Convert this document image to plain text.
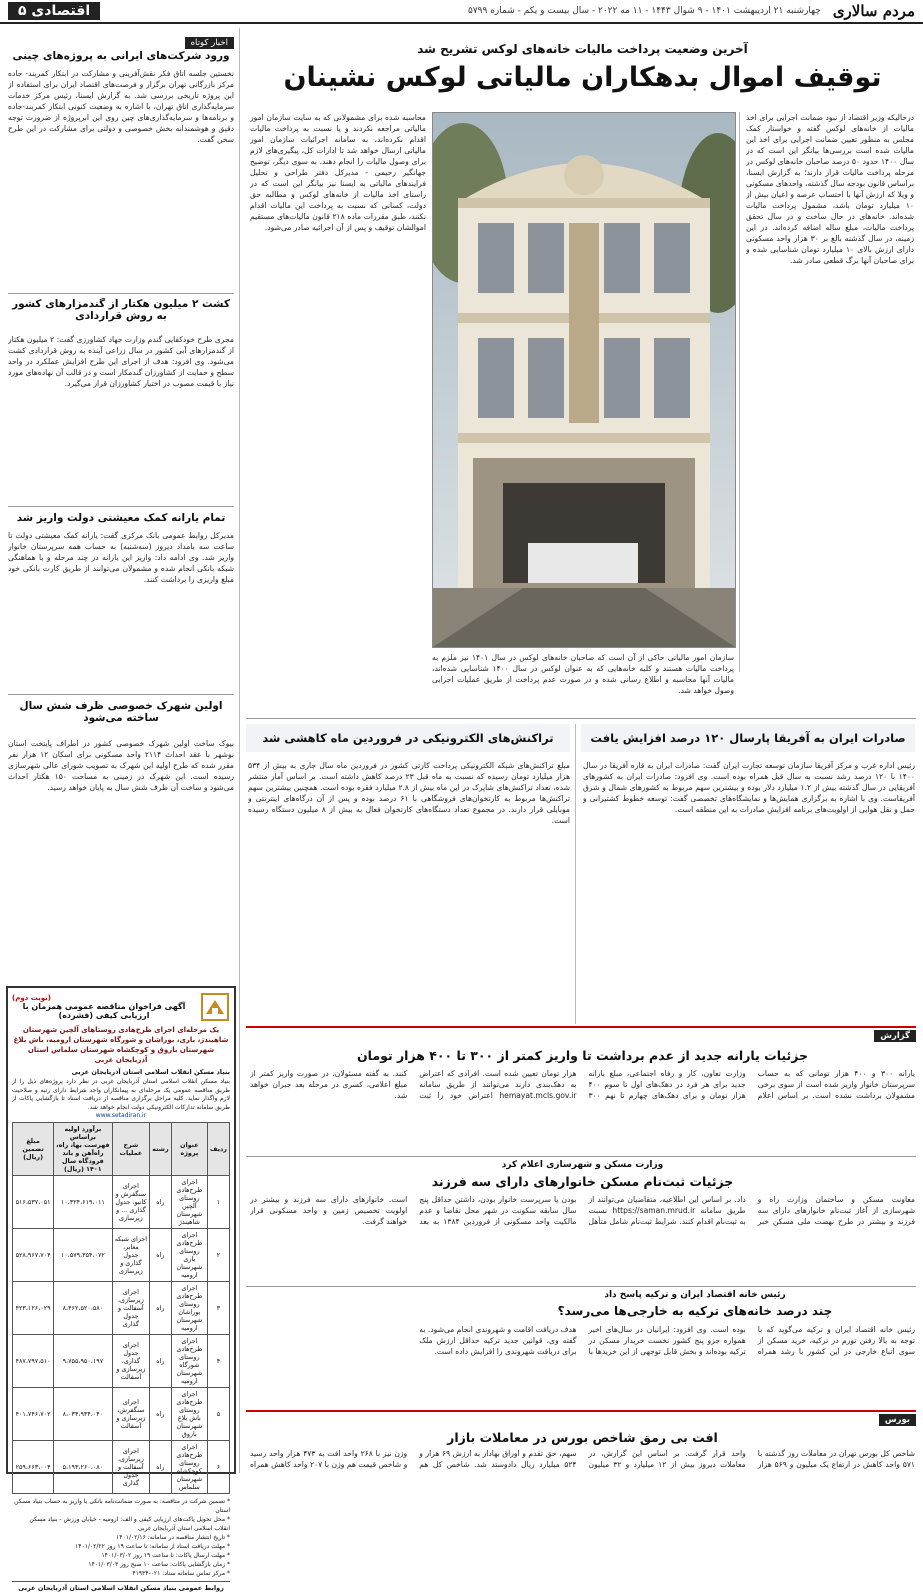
مردم سالاری
چهارشنبه ۲۱ اردیبهشت ۱۴۰۱ - ۹ شوال ۱۴۴۳ - ۱۱ مه ۲۰۲۲ - سال بیست و یکم - شماره ۵۷۹۹
اقتصادی ۵
آخرین وضعیت پرداخت مالیات خانه‌های لوکس تشریح شد
توقیف اموال بدهکاران مالیاتی لوکس نشینان
درحالیکه وزیر اقتصاد از نبود ضمانت اجرایی برای اخذ مالیات از خانه‌های لوکس گفته و خواستار کمک مجلس به منظور تعیین ضمانت اجرایی برای اخذ این مالیات شده است بررسی‌ها بیانگر این است که در سال ۱۴۰۰ حدود ۵۰ درصد صاحبان خانه‌های لوکس در مرحله پرداخت مالیات قرار دارند؛ به گزارش ایسنا، براساس قانون بودجه سال گذشته، واحدهای مسکونی و ویلا که ارزش آنها با احتساب عرصه و اعیان بیش از ۱۰ میلیارد تومان باشد، مشمول پرداخت مالیات شده‌اند. خانه‌های در حال ساخت و در سال تحقق پرداخت مالیات، مبلغ ساله اضافه کرده‌اند. در این زمینه، در سال گذشته بالغ بر ۳۰ هزار واحد مسکونی دارای ارزش بالای ۱۰ میلیارد تومان شناسایی شده و برای صاحبان آنها برگ قطعی صادر شد.
محاسبه شده برای مشمولانی که به سایت سازمان امور مالیاتی مراجعه نکردند و یا نسبت به پرداخت مالیات اقدام نکرده‌اند، به سامانه اجرائیات سازمان امور مالیاتی ارسال خواهد شد تا ادارات کل، پیگیری‌های لازم برای وصول مالیات را انجام دهند. به سوی دیگر، توضیح جهانگیر رحیمی - مدیرکل دفتر طراحی و تحلیل فرایندهای مالیاتی به ایسنا نیز بیانگر این است که در راستای اخذ مالیات از خانه‌های لوکس و مطالبه حق دولت، کسانی که نسبت به پرداخت این مالیات اقدام نکنند، طبق مقررات ماده ۲۱۸ قانون مالیات‌های مستقیم اموالشان توقیف و پس از آن اجرائیه صادر می‌شود.
سازمان امور مالیاتی حاکی از آن است که صاحبان خانه‌های لوکس در سال ۱۴۰۱ نیز ملزم به پرداخت مالیات هستند و کلیه خانه‌هایی که به عنوان لوکس در سال ۱۴۰۰ شناسایی شده‌اند، مالیات آنها محاسبه و اطلاع رسانی شده و در صورت عدم پرداخت از طریق عملیات اجرایی وصول خواهد شد.
صادرات ایران به آفریقا پارسال ۱۲۰ درصد افزایش یافت
رئیس اداره غرب و مرکز آفریقا سازمان توسعه تجارت ایران گفت: صادرات ایران به قاره آفریقا در سال ۱۴۰۰ با ۱۲۰ درصد رشد نسبت به سال قبل همراه بوده است. وی افزود: صادرات ایران به کشورهای آفریقایی در سال گذشته بیش از ۱.۲ میلیارد دلار بوده و بیشترین سهم مربوط به کشورهای شمال و شرق آفریقاست. وی با اشاره به برگزاری همایش‌ها و نمایشگاه‌های تخصصی گفت: توسعه خطوط کشتیرانی و حمل و نقل هوایی از اولویت‌های برنامه افزایش صادرات به این منطقه است.
تراکنش‌های الکترونیکی در فروردین ماه کاهشی شد
مبلغ تراکنش‌های شبکه الکترونیکی پرداخت کارتی کشور در فروردین ماه سال جاری به بیش از ۵۳۴ هزار میلیارد تومان رسیده که نسبت به ماه قبل ۲۳ درصد کاهش داشته است. بر اساس آمار منتشر شده، تعداد تراکنش‌های شاپرک در این ماه بیش از ۲.۸ میلیارد فقره بوده است. همچنین بیشترین سهم تراکنش‌ها مربوط به کارتخوان‌های فروشگاهی با ۶۱ درصد بوده و پس از آن درگاه‌های اینترنتی و موبایلی قرار دارند. در مجموع تعداد دستگاه‌های کارتخوان فعال به بیش از ۸ میلیون دستگاه رسیده است.
گزارش
جزئیات یارانه جدید از عدم برداشت تا واریز کمتر از ۳۰۰ تا ۴۰۰ هزار تومان
یارانه ۳۰۰ و ۴۰۰ هزار تومانی که به حساب سرپرستان خانوار واریز شده است از سوی برخی مشمولان برداشت نشده است. بر اساس اعلام وزارت تعاون، کار و رفاه اجتماعی، مبلغ یارانه جدید برای هر فرد در دهک‌های اول تا سوم ۴۰۰ هزار تومان و برای دهک‌های چهارم تا نهم ۳۰۰ هزار تومان تعیین شده است. افرادی که اعتراض به دهک‌بندی دارند می‌توانند از طریق سامانه hemayat.mcls.gov.ir اعتراض خود را ثبت کنند. به گفته مسئولان، در صورت واریز کمتر از مبلغ اعلامی، کسری در مرحله بعد جبران خواهد شد.
وزارت مسکن و شهرسازی اعلام کرد
جزئیات ثبت‌نام مسکن خانوارهای دارای سه فرزند
معاونت مسکن و ساختمان وزارت راه و شهرسازی از آغاز ثبت‌نام خانوارهای دارای سه فرزند و بیشتر در طرح نهضت ملی مسکن خبر داد. بر اساس این اطلاعیه، متقاضیان می‌توانند از طریق سامانه https://saman.mrud.ir نسبت به ثبت‌نام اقدام کنند. شرایط ثبت‌نام شامل متأهل بودن یا سرپرست خانوار بودن، داشتن حداقل پنج سال سابقه سکونت در شهر محل تقاضا و عدم مالکیت واحد مسکونی از فروردین ۱۳۸۴ به بعد است. خانوارهای دارای سه فرزند و بیشتر در اولویت تخصیص زمین و واحد مسکونی قرار خواهند گرفت.
رئیس خانه اقتصاد ایران و ترکیه پاسخ داد
چند درصد خانه‌های ترکیه به خارجی‌ها می‌رسد؟
رئیس خانه اقتصاد ایران و ترکیه می‌گوید که با توجه به بالا رفتن تورم در ترکیه، خرید مسکن از سوی اتباع خارجی در این کشور با رشد همراه بوده است. وی افزود: ایرانیان در سال‌های اخیر همواره جزو پنج کشور نخست خریدار مسکن در ترکیه بوده‌اند و بخش قابل توجهی از این خریدها با هدف دریافت اقامت و شهروندی انجام می‌شود. به گفته وی، قوانین جدید ترکیه حداقل ارزش ملک برای دریافت شهروندی را افزایش داده است.
بورس
افت بی رمق شاخص بورس در معاملات بازار
شاخص کل بورس تهران در معاملات روز گذشته با ۵۷۱ واحد کاهش در ارتفاع یک میلیون و ۵۶۹ هزار واحد قرار گرفت. بر اساس این گزارش، در معاملات دیروز بیش از ۱۲ میلیارد و ۳۲ میلیون سهم، حق تقدم و اوراق بهادار به ارزش ۶۹ هزار و ۵۲۴ میلیارد ریال دادوستد شد. شاخص کل هم وزن نیز با ۲۶۸ واحد افت به ۴۷۳ هزار واحد رسید و شاخص قیمت هم وزن با ۲۰۷ واحد کاهش همراه
اخبار کوتاه
ورود شرکت‌های ایرانی به پروژه‌های چینی
نخستین جلسه اتاق فکر نقش‌آفرینی و مشارکت در ابتکار کمربند- جاده مرکز بازرگانی تهران برگزار و فرصت‌های اقتصاد ایران برای استفاده از این پروژه تاریخی بررسی شد. به گزارش ایسنا، رئیس مرکز خدمات سرمایه‌گذاری اتاق تهران، با اشاره به وضعیت کنونی ابتکار کمربند-جاده و برنامه‌ها و سرمایه‌گذاری‌های چین روی این ابرپروژه از ضرورت توجه دقیق و هوشمندانه بخش خصوصی و دولتی برای مشارکت در این طرح سخن گفت.
کشت ۲ میلیون هکتار از گندمزارهای کشور به روش قراردادی
مجری طرح خودکفایی گندم وزارت جهاد کشاورزی گفت: ۲ میلیون هکتار از گندمزارهای آبی کشور در سال زراعی آینده به روش قراردادی کشت می‌شود. وی افزود: هدف از اجرای این طرح افزایش عملکرد در واحد سطح و حمایت از کشاورزان گندمکار است و در قالب آن نهاده‌های مورد نیاز با قیمت مصوب در اختیار کشاورزان قرار می‌گیرد.
تمام یارانه کمک معیشتی دولت واریز شد
مدیرکل روابط عمومی بانک مرکزی گفت: یارانه کمک معیشتی دولت تا ساعت سه بامداد دیروز (سه‌شنبه) به حساب همه سرپرستان خانوار واریز شد. وی ادامه داد: واریز این یارانه در چند مرحله و با هماهنگی شبکه بانکی انجام شده و مشمولان می‌توانند از طریق کارت بانکی خود مبلغ واریزی را برداشت کنند.
اولین شهرک خصوصی ظرف شش سال ساخته می‌شود
بیوک ساخت اولین شهرک خصوصی کشور در اطراف پایتخت استان بوشهر با عقد احداث ۲۱۱۴ واحد مسکونی برای اسکان ۱۲ هزار نفر مقرر شده که طرح اولیه این شهرک به تصویب شورای عالی شهرسازی رسیده است. این شهرک در زمینی به مساحت ۱۵۰ هکتار احداث می‌شود و ساخت آن ظرف شش سال به پایان خواهد رسید.
(نوبت دوم)
آگهی فراخوان مناقصه عمومی همزمان با ارزیابی کیفی (فشرده)
یک مرحله‌ای اجرای طرح‌هادی روستاهای آلچین شهرستان شاهیندژ، باری، بوراشان و شورگاه شهرستان ارومیه، باش بلاغ شهرستان باروق و کوچکشاه شهرستان سلماس استان آذربایجان غربی
بنیاد مسکن انقلاب اسلامی استان آذربایجان غربی
بنیاد مسکن انقلاب اسلامی استان آذربایجان غربی در نظر دارد پروژه‌های ذیل را از طریق مناقصه عمومی یک مرحله‌ای به پیمانکاران واجد شرایط دارای رتبه و صلاحیت لازم واگذار نماید. کلیه مراحل برگزاری مناقصه از دریافت اسناد تا بازگشایی پاکات از طریق سامانه تدارکات الکترونیکی دولت انجام خواهد شد.
www.setadiran.ir
ردیف	عنوان پروژه	رشته	شرح عملیات	برآورد اولیه براساس فهرست بها، راه، راه‌آهن و باند فرودگاه سال ۱۴۰۱ (ریال)	مبلغ تضمین (ریال)
۱	اجرای طرح‌هادی روستای آلچین شهرستان شاهیندژ	راه	اجرای سنگفرش و کانیو، جدول گذاری ... و زیرسازی	۱۰،۳۲۴،۶۱۹،۰۱۱	۵۱۶،۵۳۷،۰۵۱
۲	اجرای طرح‌هادی روستای باری شهرستان ارومیه	راه	اجرای شبکه معابر، جدول گذاری و زیرسازی	۱۰،۵۷۹،۳۵۴،۰۷۲	۵۲۸،۹۶۷،۷۰۴
۳	اجرای طرح‌هادی روستای بوراشان شهرستان ارومیه	راه	اجرای زیرسازی، آسفالت و جدول گذاری	۸،۴۶۲،۵۲۰،۵۸۰	۴۲۳،۱۲۶،۰۲۹
۴	اجرای طرح‌هادی روستای شورگاه شهرستان ارومیه	راه	اجرای جدول گذاری، زیرسازی و آسفالت	۹،۷۵۵،۹۵۰،۱۹۷	۴۸۷،۷۹۷،۵۱۰
۵	اجرای طرح‌هادی روستای باش بلاغ شهرستان باروق	راه	اجرای سنگفرش، زیرسازی و آسفالت	۸،۰۳۴،۹۳۴،۰۴۰	۴۰۱،۷۴۶،۷۰۲
۶	اجرای طرح‌هادی روستای کوچکشاه شهرستان سلماس	راه	اجرای زیرسازی، آسفالت و جدول گذاری	۵،۱۹۳،۲۶۰،۰۸۰	۲۵۹،۶۶۳،۰۰۴
* تضمین شرکت در مناقصه: به صورت ضمانت‌نامه بانکی یا واریز به حساب بنیاد مسکن استان
* محل تحویل پاکت‌های ارزیابی کیفی و الف: ارومیه - خیابان ورزش - بنیاد مسکن انقلاب اسلامی استان آذربایجان غربی
* تاریخ انتشار مناقصه در سامانه: ۱۴۰۱/۰۲/۱۶
* مهلت دریافت اسناد از سامانه: تا ساعت ۱۹ روز ۱۴۰۱/۰۲/۲۲
* مهلت ارسال پاکات: تا ساعت ۱۹ روز ۱۴۰۱/۰۳/۰۲
* زمان بازگشایی پاکات: ساعت ۱۰ صبح روز ۱۴۰۱/۰۳/۰۳
* مرکز تماس سامانه ستاد: ۰۲۱-۴۱۹۳۴
روابط عمومی بنیاد مسکن انقلاب اسلامی استان آذربایجان غربی
